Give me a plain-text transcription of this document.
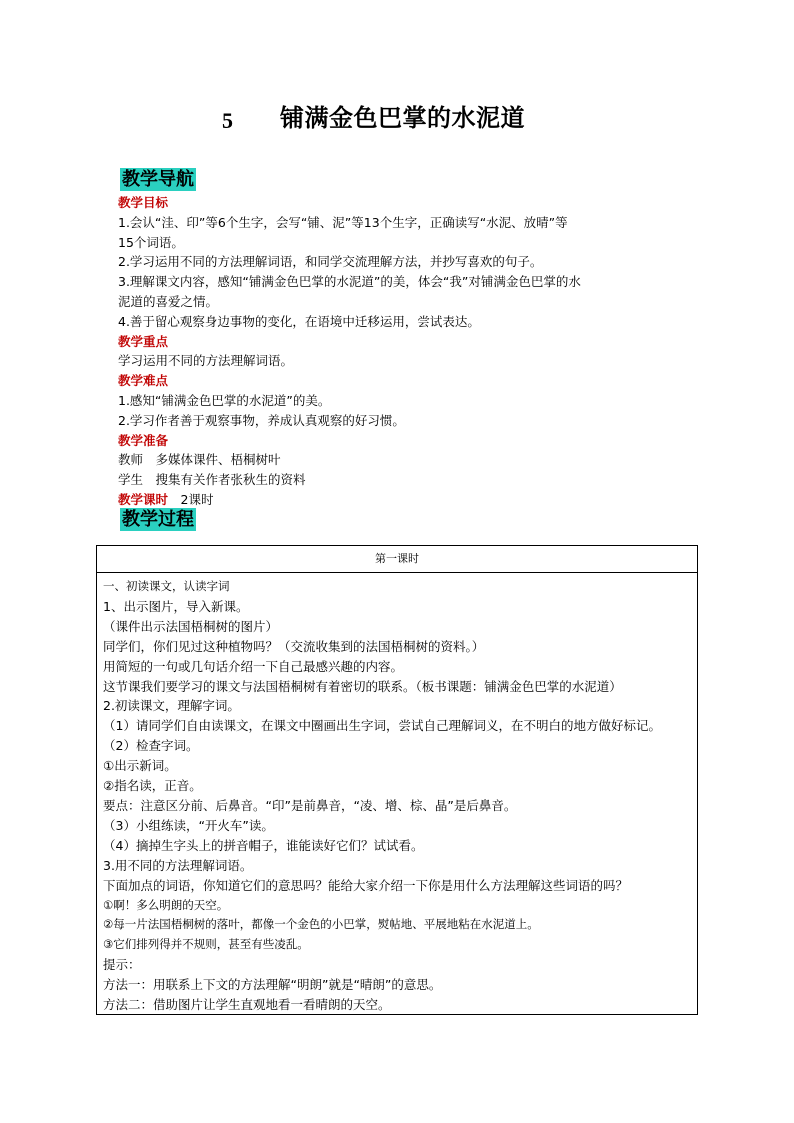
5 铺满金色巴掌的水泥道
教学导航
教学目标
1.会认“洼、印”等6个生字，会写“铺、泥”等13个生字，正确读写“水泥、放晴”等
15个词语。
2.学习运用不同的方法理解词语，和同学交流理解方法，并抄写喜欢的句子。
3.理解课文内容，感知“铺满金色巴掌的水泥道”的美，体会“我”对铺满金色巴掌的水
泥道的喜爱之情。
4.善于留心观察身边事物的变化，在语境中迁移运用，尝试表达。
教学重点
学习运用不同的方法理解词语。
教学难点
1.感知“铺满金色巴掌的水泥道”的美。
2.学习作者善于观察事物，养成认真观察的好习惯。
教学准备
教师　多媒体课件、梧桐树叶
学生　搜集有关作者张秋生的资料
教学课时　2课时
教学过程
第一课时
一、初读课文，认读字词
1、出示图片，导入新课。
（课件出示法国梧桐树的图片）
同学们，你们见过这种植物吗？（交流收集到的法国梧桐树的资料。）
用简短的一句或几句话介绍一下自己最感兴趣的内容。
这节课我们要学习的课文与法国梧桐树有着密切的联系。（板书课题：铺满金色巴掌的水泥道）
2.初读课文，理解字词。
（1）请同学们自由读课文，在课文中圈画出生字词，尝试自己理解词义，在不明白的地方做好标记。
（2）检查字词。
①出示新词。
②指名读，正音。
要点：注意区分前、后鼻音。“印”是前鼻音，“凌、增、棕、晶”是后鼻音。
（3）小组练读，“开火车”读。
（4）摘掉生字头上的拼音帽子，谁能读好它们？试试看。
3.用不同的方法理解词语。
下面加点的词语，你知道它们的意思吗？能给大家介绍一下你是用什么方法理解这些词语的吗？
①啊！多么明朗的天空。
②每一片法国梧桐树的落叶，都像一个金色的小巴掌，熨帖地、平展地粘在水泥道上。
③它们排列得并不规则，甚至有些凌乱。
提示：
方法一：用联系上下文的方法理解“明朗”就是“晴朗”的意思。
方法二：借助图片让学生直观地看一看晴朗的天空。
